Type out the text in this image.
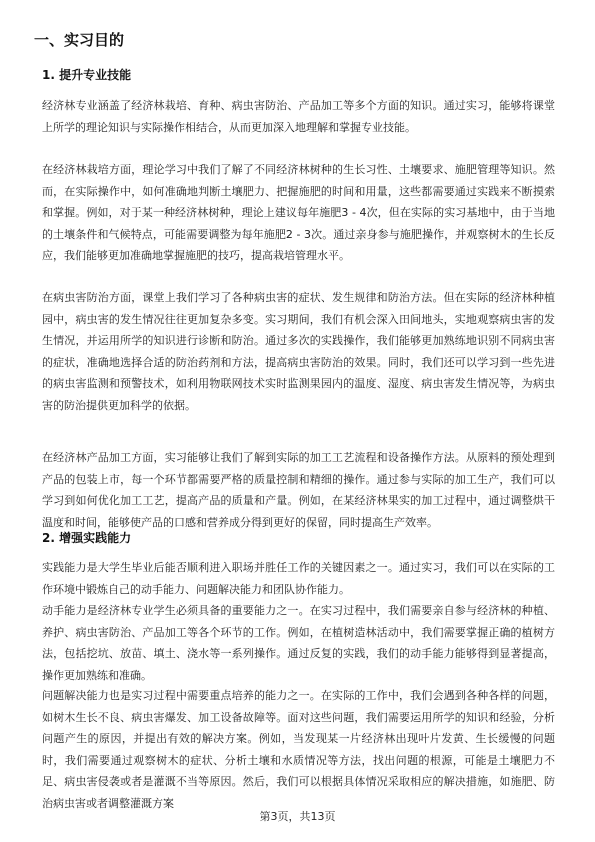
一、实习目的
1. 提升专业技能
经济林专业涵盖了经济林栽培、育种、病虫害防治、产品加工等多个方面的知识。通过实习，能够将课堂上所学的理论知识与实际操作相结合，从而更加深入地理解和掌握专业技能。
在经济林栽培方面，理论学习中我们了解了不同经济林树种的生长习性、土壤要求、施肥管理等知识。然而，在实际操作中，如何准确地判断土壤肥力、把握施肥的时间和用量，这些都需要通过实践来不断摸索和掌握。例如，对于某一种经济林树种，理论上建议每年施肥3 - 4次，但在实际的实习基地中，由于当地的土壤条件和气候特点，可能需要调整为每年施肥2 - 3次。通过亲身参与施肥操作，并观察树木的生长反应，我们能够更加准确地掌握施肥的技巧，提高栽培管理水平。
在病虫害防治方面，课堂上我们学习了各种病虫害的症状、发生规律和防治方法。但在实际的经济林种植园中，病虫害的发生情况往往更加复杂多变。实习期间，我们有机会深入田间地头，实地观察病虫害的发生情况，并运用所学的知识进行诊断和防治。通过多次的实践操作，我们能够更加熟练地识别不同病虫害的症状，准确地选择合适的防治药剂和方法，提高病虫害防治的效果。同时，我们还可以学习到一些先进的病虫害监测和预警技术，如利用物联网技术实时监测果园内的温度、湿度、病虫害发生情况等，为病虫害的防治提供更加科学的依据。
在经济林产品加工方面，实习能够让我们了解到实际的加工工艺流程和设备操作方法。从原料的预处理到产品的包装上市，每一个环节都需要严格的质量控制和精细的操作。通过参与实际的加工生产，我们可以学习到如何优化加工工艺，提高产品的质量和产量。例如，在某经济林果实的加工过程中，通过调整烘干温度和时间，能够使产品的口感和营养成分得到更好的保留，同时提高生产效率。
2. 增强实践能力
实践能力是大学生毕业后能否顺利进入职场并胜任工作的关键因素之一。通过实习，我们可以在实际的工作环境中锻炼自己的动手能力、问题解决能力和团队协作能力。
动手能力是经济林专业学生必须具备的重要能力之一。在实习过程中，我们需要亲自参与经济林的种植、养护、病虫害防治、产品加工等各个环节的工作。例如，在植树造林活动中，我们需要掌握正确的植树方法，包括挖坑、放苗、填土、浇水等一系列操作。通过反复的实践，我们的动手能力能够得到显著提高，操作更加熟练和准确。
问题解决能力也是实习过程中需要重点培养的能力之一。在实际的工作中，我们会遇到各种各样的问题，如树木生长不良、病虫害爆发、加工设备故障等。面对这些问题，我们需要运用所学的知识和经验，分析问题产生的原因，并提出有效的解决方案。例如，当发现某一片经济林出现叶片发黄、生长缓慢的问题时，我们需要通过观察树木的症状、分析土壤和水质情况等方法，找出问题的根源，可能是土壤肥力不足、病虫害侵袭或者是灌溉不当等原因。然后，我们可以根据具体情况采取相应的解决措施，如施肥、防治病虫害或者调整灌溉方案
第3页，共13页
